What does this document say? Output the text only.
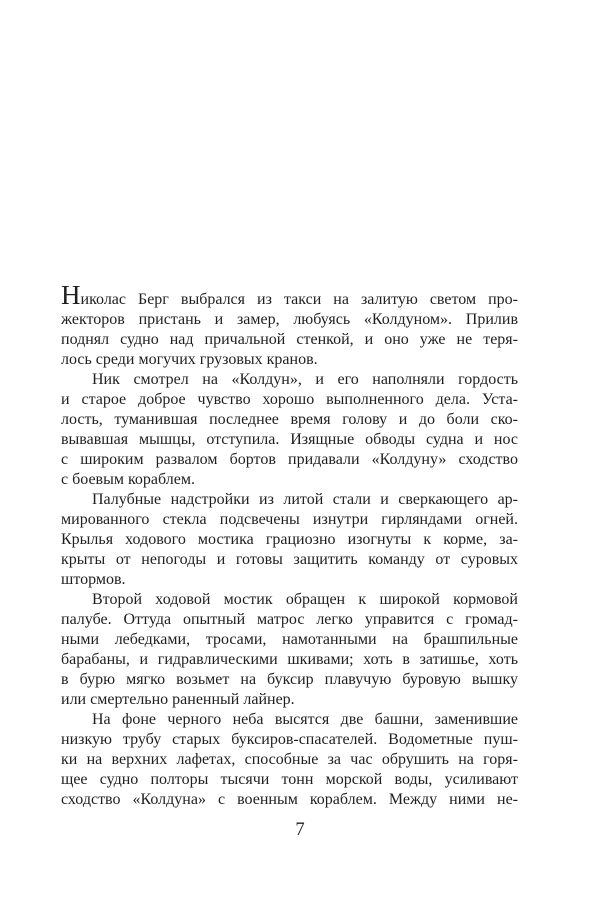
Николас Берг выбрался из такси на залитую светом про-
жекторов пристань и замер, любуясь «Колдуном». Прилив
поднял судно над причальной стенкой, и оно уже не теря-
лось среди могучих грузовых кранов.
Ник смотрел на «Колдун», и его наполняли гордость
и старое доброе чувство хорошо выполненного дела. Уста-
лость, туманившая последнее время голову и до боли ско-
вывавшая мышцы, отступила. Изящные обводы судна и нос
с широким развалом бортов придавали «Колдуну» сходство
с боевым кораблем.
Палубные надстройки из литой стали и сверкающего ар-
мированного стекла подсвечены изнутри гирляндами огней.
Крылья ходового мостика грациозно изогнуты к корме, за-
крыты от непогоды и готовы защитить команду от суровых
штормов.
Второй ходовой мостик обращен к широкой кормовой
палубе. Оттуда опытный матрос легко управится с громад-
ными лебедками, тросами, намотанными на брашпильные
барабаны, и гидравлическими шкивами; хоть в затишье, хоть
в бурю мягко возьмет на буксир плавучую буровую вышку
или смертельно раненный лайнер.
На фоне черного неба высятся две башни, заменившие
низкую трубу старых буксиров-спасателей. Водометные пуш-
ки на верхних лафетах, способные за час обрушить на горя-
щее судно полторы тысячи тонн морской воды, усиливают
сходство «Колдуна» с военным кораблем. Между ними не-
7
